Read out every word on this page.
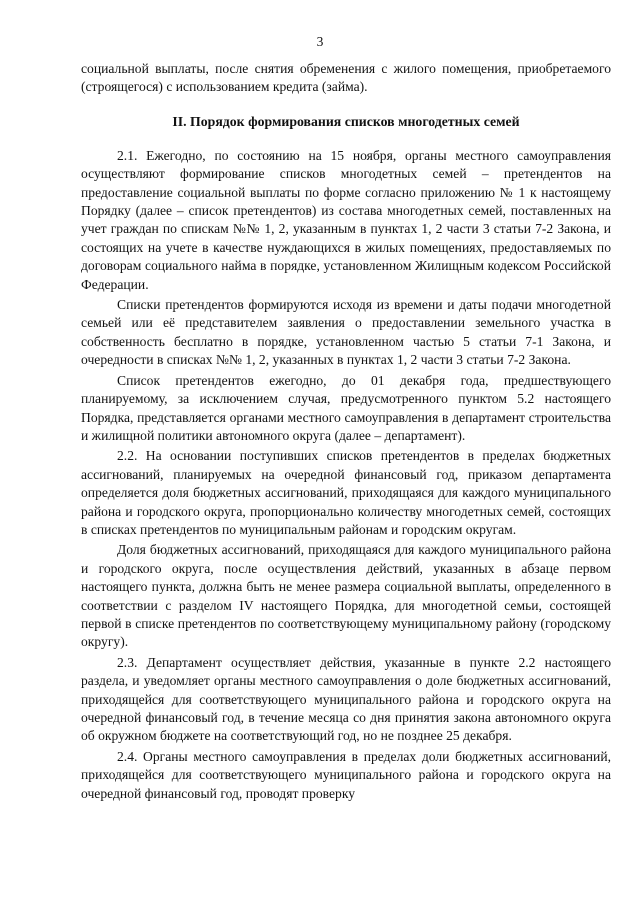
3

социальной выплаты, после снятия обременения с жилого помещения, приобретаемого (строящегося) с использованием кредита (займа).

II. Порядок формирования списков многодетных семей

2.1. Ежегодно, по состоянию на 15 ноября, органы местного самоуправления осуществляют формирование списков многодетных семей – претендентов на предоставление социальной выплаты по форме согласно приложению № 1 к настоящему Порядку (далее – список претендентов) из состава многодетных семей, поставленных на учет граждан по спискам №№ 1, 2, указанным в пунктах 1, 2 части 3 статьи 7-2 Закона, и состоящих на учете в качестве нуждающихся в жилых помещениях, предоставляемых по договорам социального найма в порядке, установленном Жилищным кодексом Российской Федерации.

Списки претендентов формируются исходя из времени и даты подачи многодетной семьей или её представителем заявления о предоставлении земельного участка в собственность бесплатно в порядке, установленном частью 5 статьи 7-1 Закона, и очередности в списках №№ 1, 2, указанных в пунктах 1, 2 части 3 статьи 7-2 Закона.

Список претендентов ежегодно, до 01 декабря года, предшествующего планируемому, за исключением случая, предусмотренного пунктом 5.2 настоящего Порядка, представляется органами местного самоуправления в департамент строительства и жилищной политики автономного округа (далее – департамент).

2.2. На основании поступивших списков претендентов в пределах бюджетных ассигнований, планируемых на очередной финансовый год, приказом департамента определяется доля бюджетных ассигнований, приходящаяся для каждого муниципального района и городского округа, пропорционально количеству многодетных семей, состоящих в списках претендентов по муниципальным районам и городским округам.

Доля бюджетных ассигнований, приходящаяся для каждого муниципального района и городского округа, после осуществления действий, указанных в абзаце первом настоящего пункта, должна быть не менее размера социальной выплаты, определенного в соответствии с разделом IV настоящего Порядка, для многодетной семьи, состоящей первой в списке претендентов по соответствующему муниципальному району (городскому округу).

2.3. Департамент осуществляет действия, указанные в пункте 2.2 настоящего раздела, и уведомляет органы местного самоуправления о доле бюджетных ассигнований, приходящейся для соответствующего муниципального района и городского округа на очередной финансовый год, в течение месяца со дня принятия закона автономного округа об окружном бюджете на соответствующий год, но не позднее 25 декабря.

2.4. Органы местного самоуправления в пределах доли бюджетных ассигнований, приходящейся для соответствующего муниципального района и городского округа на очередной финансовый год, проводят проверку
